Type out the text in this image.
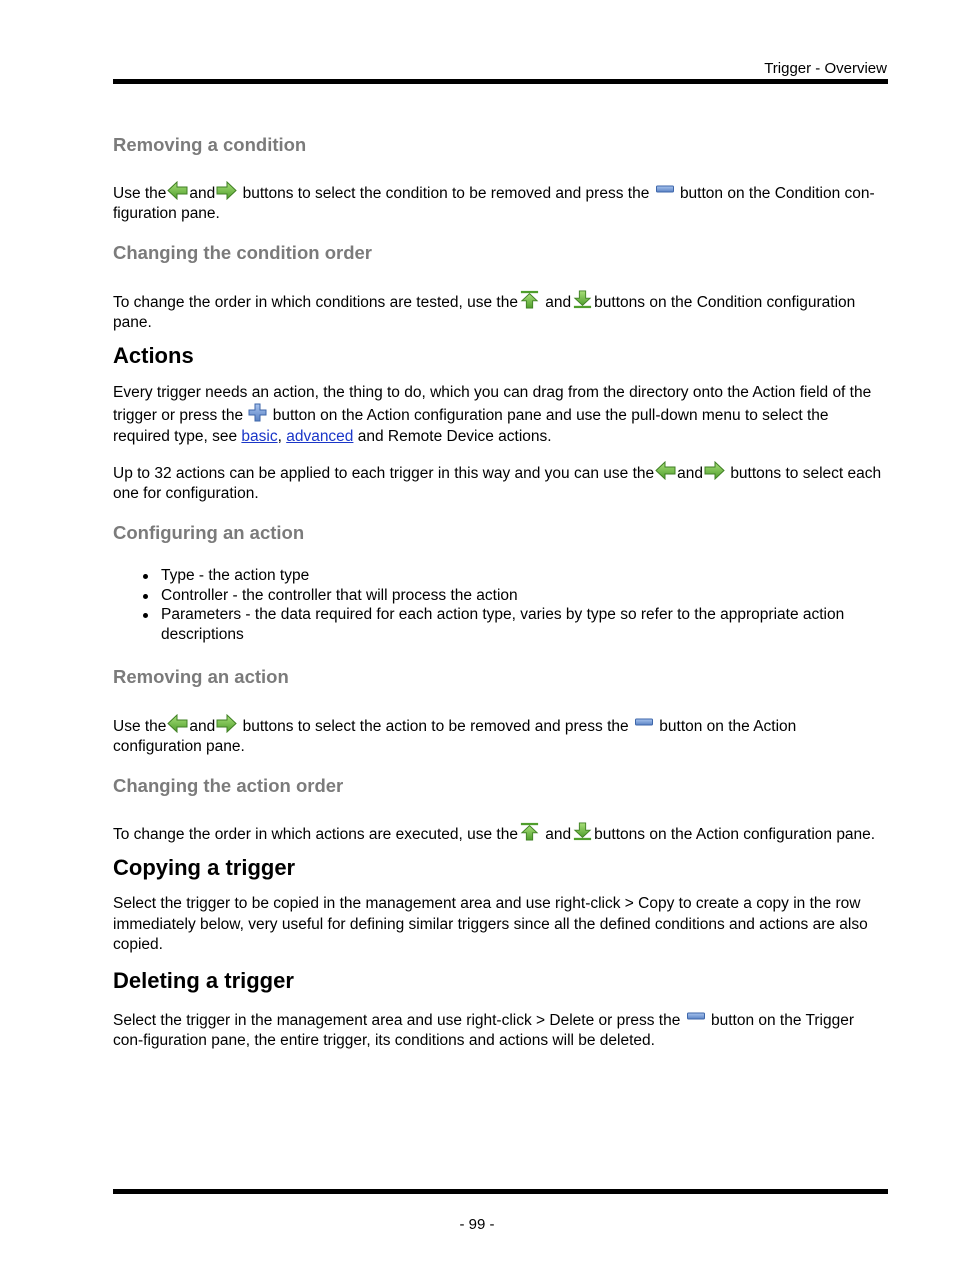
Trigger - Overview
Removing a condition

Use the and buttons to select the condition to be removed and press the button on the Condition con-figuration pane.

Changing the condition order

To change the order in which conditions are tested, use the and buttons on the Condition configuration pane.

Actions

Every trigger needs an action, the thing to do, which you can drag from the directory onto the Action field of the trigger or press the button on the Action configuration pane and use the pull-down menu to select the required type, see basic, advanced and Remote Device actions.

Up to 32 actions can be applied to each trigger in this way and you can use the and buttons to select each one for configuration.

Configuring an action
Type - the action type
Controller - the controller that will process the action
Parameters - the data required for each action type, varies by type so refer to the appropriate action descriptions
Removing an action

Use the and buttons to select the action to be removed and press the button on the Action configuration pane.

Changing the action order

To change the order in which actions are executed, use the and buttons on the Action configuration pane.

Copying a trigger

Select the trigger to be copied in the management area and use right-click > Copy to create a copy in the row immediately below, very useful for defining similar triggers since all the defined conditions and actions are also copied.

Deleting a trigger

Select the trigger in the management area and use right-click > Delete or press the button on the Trigger con-figuration pane, the entire trigger, its conditions and actions will be deleted.

- 99 -
